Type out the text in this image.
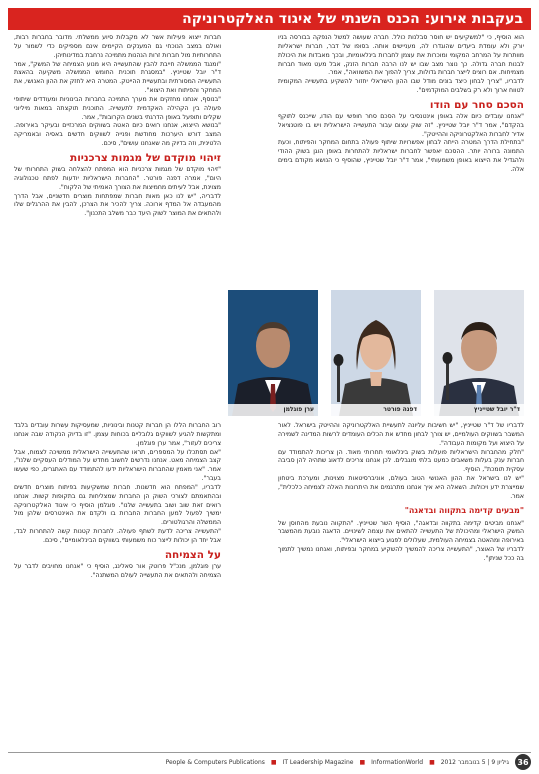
בעקבות אירוע: הכנס השנתי של איגוד האלקטרוניקה

הוא הוסיף, כי "למשקיעים יש חוסר סבלנות כולל. חברה שעושה למשל הנפקה בבורסה בניו יורק ולא עומדת ביעדים שהוגדרו לה, מעניישים אותה. בסופו של דבר, חברות ישראליות מוותרות על המרחב המקומי ומוכרות את עצמן לחברות בינלאומיות, ובכך מאבדות את היכולת לבנות חברה גדולה. כך נוצר מצב שבו יש לנו הרבה חברות הזנק, אבל מעט מאוד חברות מצמיחות. אם רוצים לייצר חברות גדולות, צריך להפוך את המשוואה", אמר.

לדבריו, "צריך לבחון כיצד בונים מודל שבו ההון הישראלי יחזור להשקיע בתעשייה המקומית לטווח ארוך ולא רק בשלבים המוקדמים".

הסכם סחר עם הודו

"אנחנו עובדים כיום אלה באופן אינטנסיבי על הסכם סחר חופשי עם הודו, שייכנס לתוקף בהקדם", אמר ד"ר יובל שטייניץ. "זה שוק עצום עבור התעשייה הישראלית ויש בו פוטנציאל אדיר לחברות האלקטרוניקה וההייטק".

"בתחילת הדרך המטרה הייתה לבחון אפשרויות שיתוף פעולה בתחום המחקר והפיתוח, וכעת התמונה ברורה יותר. ההסכם יאפשר לחברות ישראליות להתחרות באופן הוגן בשוק ההודי ולהגדיל את הייצוא באופן משמעותי", אמר ד"ר יובל שטייניץ, שהוסיף כי הנושא מקודם בימים אלה.

חברות ייצוא פעילות אשר לא מקבלות סיוע ממשלתי. מדובר בחברות רבות, ואולם במצב הנוכחי גם המענקים הקיימים אינם מספיקים כדי לשמור על התחרותיות מול חברות זרות הנהנות מתמיכה נרחבת במדינותיהן.

"ומנגד הממשלה חייבת להבין שהתעשייה היא מנוע הצמיחה של המשק", אמר ד"ר יובל שטייניץ. "במסגרת תוכנית החומש הממשלה משקיעה בהאצת התעשייה המסורתית ובתעשיית ההייטק. המטרה היא לחזק את ההון האנושי, את המחקר והפיתוח ואת היצוא".

"בנוסף, אנחנו מחזקים את מערך התמיכה בחברות הבינוניות ומעודדים שיתופי פעולה בין הקהילה האקדמית לתעשייה. התוכנית תוקצתה במאות מיליוני שקלים ותופעל באופן הדרגתי בשנים הקרובות", אמר.

"בנושא הייצוא, אנחנו רואים כיום האטה בשווקים המרכזיים ובעיקר באירופה. המצב דורש היערכות מחודשת ופנייה לשווקים חדשים באסיה ובאמריקה הלטינית, וזה בדיוק מה שאנחנו עושים", סיכם.

זיהוי מוקדם של מגמות צרכניות

"זיהוי מוקדם של מגמות צרכניות הוא המפתח להצלחה בשוק התחרותי של היום", אמרה דפנה פורטר. "החברות הישראליות יודעות לפתח טכנולוגיה מצוינת, אבל לעיתים מחמיצות את הצורך האמיתי של הלקוח".

לדבריה, "יש לנו כאן מאות חברות שמפתחות מוצרים חדשניים, אבל הדרך מהמעבדה אל המדף ארוכה. צריך להכיר את הצרכן, להבין את ההרגלים שלו ולהתאים את המוצר לשוק היעד כבר משלב התכנון".

ד"ר יובל שטייניץ
דפנה פורטר
ערן פוגלמן

לדבריו של ד"ר שטייניץ, "יש חשיבות עליונה לתעשיית האלקטרוניקה וההייטק בישראל. לאור המשבר בשווקים העולמיים, יש צורך לבחון מחדש את הכלים העומדים לרשות המדינה לשמירה על היצוא ועל מקומות העבודה".

"חלק מהחברות הישראליות פועלות בשוק בינלאומי תחרותי מאוד. הן צריכות להתמודד עם חברות ענק בעלות משאבים כמעט בלתי מוגבלים. לכן אנחנו צריכים לדאוג שתהיה להן סביבה עסקית תומכת", הוסיף.

"יש לנו בישראל את ההון האנושי הטוב בעולם, אוניברסיטאות מצוינות, ומערכת ביטחון שמייצרת ידע ויכולות. השאלה היא איך אנחנו מתרגמים את היתרונות האלה לצמיחה כלכלית", אמר.

"מבעים קדימה בתקווה ובדאגה"

"אנחנו מביטים קדימה בתקווה ובדאגה", הוסיף השר שטייניץ. "התקווה נובעת מהחוסן של המשק הישראלי ומהיכולת של התעשייה להתאים את עצמה לשינויים. הדאגה נובעת מהמשבר באירופה ומהאטה בצמיחה העולמית, שעלולים לפגוע בייצוא הישראלי".

לדבריו של האוצר, "התעשייה צריכה להמשיך להשקיע במחקר ובפיתוח, ואנחנו נמשיך לתמוך בה ככל שניתן".

רוב החברות הללו הן חברות קטנות ובינוניות, שמעסיקות עשרות עובדים בלבד ומתקשות להגיע לשווקים גלובליים בכוחות עצמן. "זו בדיוק הנקודה שבה אנחנו צריכים לעזור", אמר ערן פוגלמן.

"אם תסתכלו על המספרים, תראו שהתעשייה הישראלית ממשיכה לצמוח, אבל קצב הצמיחה מאט. אנחנו נדרשים לחשוב מחדש על המודלים העסקיים שלנו", אמר. "אני מאמין שהחברות הישראליות ידעו להתמודד עם האתגרים, כפי שעשו בעבר".

לדבריו, "המפתח הוא חדשנות. חברות שמשקיעות בפיתוח מוצרים חדשים ובהתאמתם לצורכי השוק הן החברות שמצליחות גם בתקופות קשות. אנחנו רואים זאת שוב ושוב בתעשייה שלנו". פוגלמן הוסיף כי איגוד האלקטרוניקה ימשיך לפעול למען החברות החברות בו ולקדם את האינטרסים שלהן מול הממשלה והרגולטורים.

"התעשייה צריכה לדעת לשתף פעולה. לחברות קטנות קשה להתחרות לבד, אבל יחד הן יכולות לייצר כוח משמעותי בשווקים הבינלאומיים", סיכם.

על הצמיחה

ערן פוגלמן, מנכ"ל פרוטק אור סאלינג, הוסיף כי "אנחנו מחויבים לדבר על הצמיחה ולהתאים את התעשייה לעולם המשתנה".

People & Computers Publications ■ IT Leadership Magazine ■ InformationWorld ■ גיליון 9 | 5 בנובמבר 2012	36
